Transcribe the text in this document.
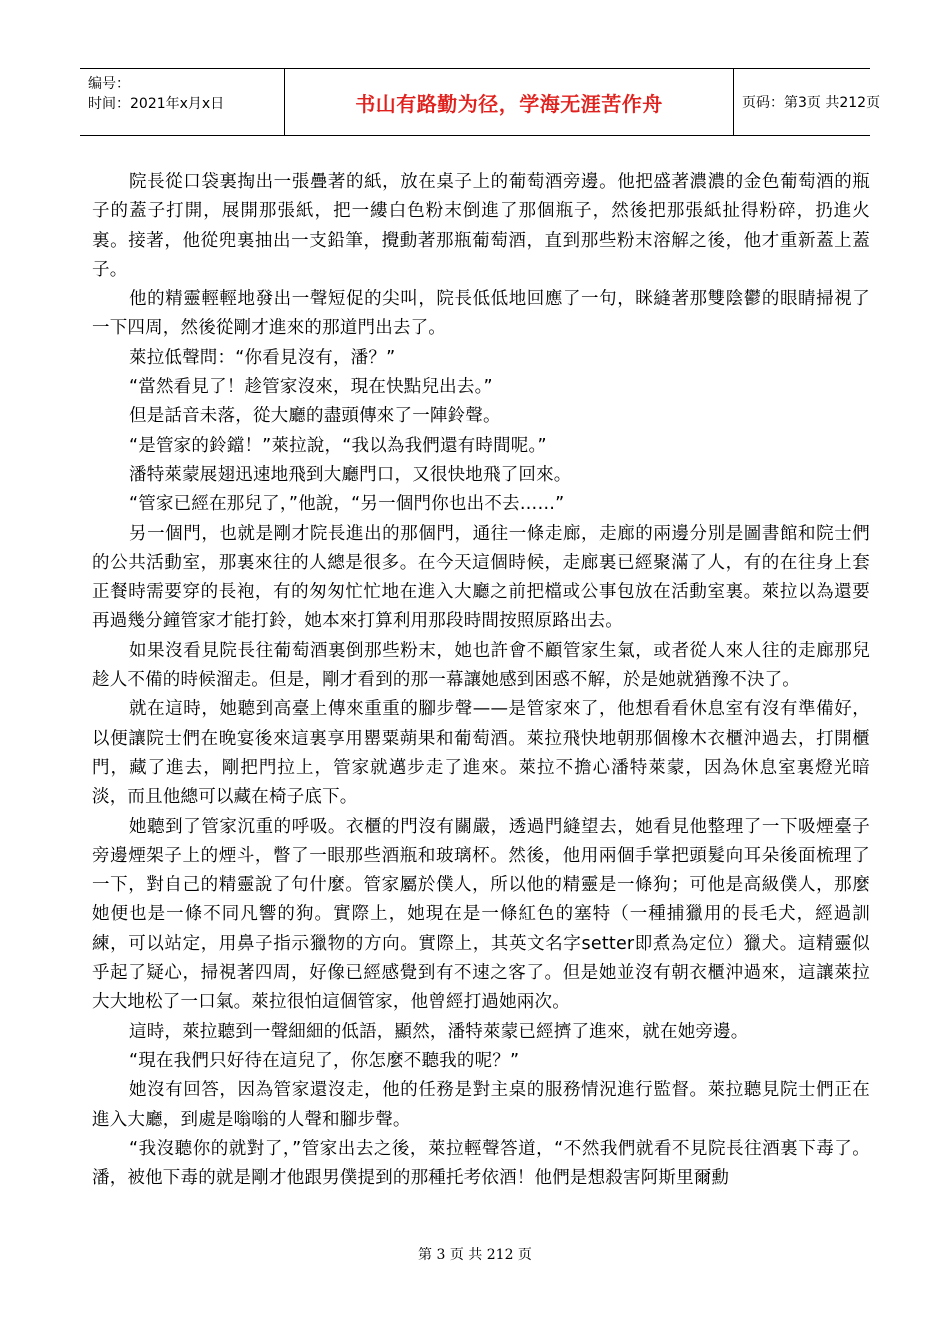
编号：
时间：2021年x月x日	书山有路勤为径，学海无涯苦作舟	页码：第3页 共212页

院長從口袋裏掏出一張疊著的紙，放在桌子上的葡萄酒旁邊。他把盛著濃濃的金色葡萄酒的瓶子的蓋子打開，展開那張紙，把一縷白色粉末倒進了那個瓶子，然後把那張紙扯得粉碎，扔進火裏。接著，他從兜裏抽出一支鉛筆，攪動著那瓶葡萄酒，直到那些粉末溶解之後，他才重新蓋上蓋子。

他的精靈輕輕地發出一聲短促的尖叫，院長低低地回應了一句，眯縫著那雙陰鬱的眼睛掃視了一下四周，然後從剛才進來的那道門出去了。

萊拉低聲問：“你看見沒有，潘？”

“當然看見了！趁管家沒來，現在快點兒出去。”

但是話音未落，從大廳的盡頭傳來了一陣鈴聲。

“是管家的鈴鐺！”萊拉說，“我以為我們還有時間呢。”

潘特萊蒙展翅迅速地飛到大廳門口，又很快地飛了回來。

“管家已經在那兒了，”他說，“另一個門你也出不去……”

另一個門，也就是剛才院長進出的那個門，通往一條走廊，走廊的兩邊分別是圖書館和院士們的公共活動室，那裏來往的人總是很多。在今天這個時候，走廊裏已經聚滿了人，有的在往身上套正餐時需要穿的長袍，有的匆匆忙忙地在進入大廳之前把檔或公事包放在活動室裏。萊拉以為還要再過幾分鐘管家才能打鈴，她本來打算利用那段時間按照原路出去。

如果沒看見院長往葡萄酒裏倒那些粉末，她也許會不顧管家生氣，或者從人來人往的走廊那兒趁人不備的時候溜走。但是，剛才看到的那一幕讓她感到困惑不解，於是她就猶豫不決了。

就在這時，她聽到高臺上傳來重重的腳步聲——是管家來了，他想看看休息室有沒有準備好，以便讓院士們在晚宴後來這裏享用罌粟蒴果和葡萄酒。萊拉飛快地朝那個橡木衣櫃沖過去，打開櫃門，藏了進去，剛把門拉上，管家就邁步走了進來。萊拉不擔心潘特萊蒙，因為休息室裏燈光暗淡，而且他總可以藏在椅子底下。

她聽到了管家沉重的呼吸。衣櫃的門沒有關嚴，透過門縫望去，她看見他整理了一下吸煙臺子旁邊煙架子上的煙斗，瞥了一眼那些酒瓶和玻璃杯。然後，他用兩個手掌把頭髮向耳朵後面梳理了一下，對自己的精靈說了句什麼。管家屬於僕人，所以他的精靈是一條狗；可他是高級僕人，那麼她便也是一條不同凡響的狗。實際上，她現在是一條紅色的塞特（一種捕獵用的長毛犬，經過訓練，可以站定，用鼻子指示獵物的方向。實際上，其英文名字setter即煮為定位）獵犬。這精靈似乎起了疑心，掃視著四周，好像已經感覺到有不速之客了。但是她並沒有朝衣櫃沖過來，這讓萊拉大大地松了一口氣。萊拉很怕這個管家，他曾經打過她兩次。

這時，萊拉聽到一聲細細的低語，顯然，潘特萊蒙已經擠了進來，就在她旁邊。

“現在我們只好待在這兒了，你怎麼不聽我的呢？”

她沒有回答，因為管家還沒走，他的任務是對主桌的服務情況進行監督。萊拉聽見院士們正在進入大廳，到處是嗡嗡的人聲和腳步聲。

“我沒聽你的就對了，”管家出去之後，萊拉輕聲答道，“不然我們就看不見院長往酒裏下毒了。潘，被他下毒的就是剛才他跟男僕提到的那種托考依酒！他們是想殺害阿斯里爾勳

第 3 页 共 212 页
